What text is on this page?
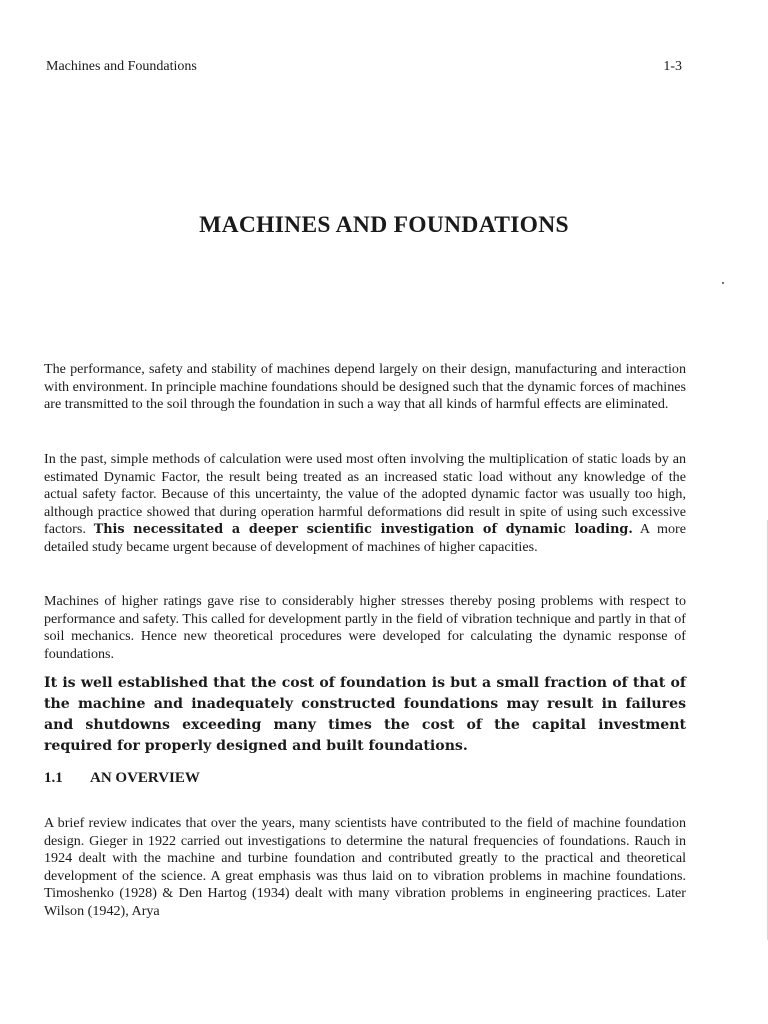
Machines and Foundations	1-3
MACHINES AND FOUNDATIONS

The performance, safety and stability of machines depend largely on their design, manufacturing and interaction with environment. In principle machine foundations should be designed such that the dynamic forces of machines are transmitted to the soil through the foundation in such a way that all kinds of harmful effects are eliminated.

In the past, simple methods of calculation were used most often involving the multiplication of static loads by an estimated Dynamic Factor, the result being treated as an increased static load without any knowledge of the actual safety factor. Because of this uncertainty, the value of the adopted dynamic factor was usually too high, although practice showed that during operation harmful deformations did result in spite of using such excessive factors. This necessitated a deeper scientific investigation of dynamic loading. A more detailed study became urgent because of development of machines of higher capacities.

Machines of higher ratings gave rise to considerably higher stresses thereby posing problems with respect to performance and safety. This called for development partly in the field of vibration technique and partly in that of soil mechanics. Hence new theoretical procedures were developed for calculating the dynamic response of foundations.

It is well established that the cost of foundation is but a small fraction of that of the machine and inadequately constructed foundations may result in failures and shutdowns exceeding many times the cost of the capital investment required for properly designed and built foundations.

1.1 AN OVERVIEW

A brief review indicates that over the years, many scientists have contributed to the field of machine foundation design. Gieger in 1922 carried out investigations to determine the natural frequencies of foundations. Rauch in 1924 dealt with the machine and turbine foundation and contributed greatly to the practical and theoretical development of the science. A great emphasis was thus laid on to vibration problems in machine foundations. Timoshenko (1928) & Den Hartog (1934) dealt with many vibration problems in engineering practices. Later Wilson (1942), Arya
